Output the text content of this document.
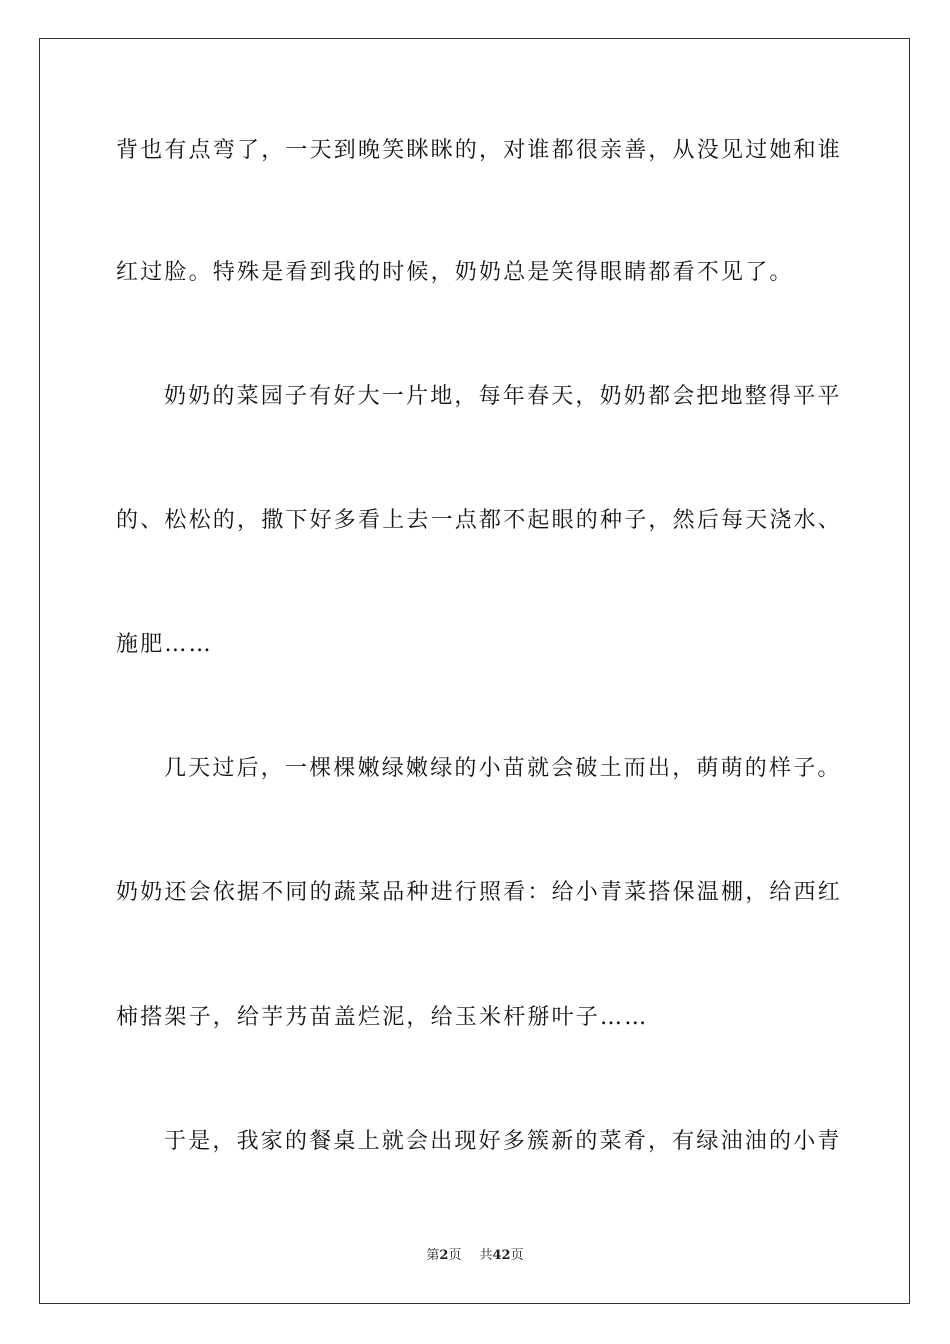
背也有点弯了，一天到晚笑眯眯的，对谁都很亲善，从没见过她和谁
红过脸。特殊是看到我的时候，奶奶总是笑得眼睛都看不见了。
奶奶的菜园子有好大一片地，每年春天，奶奶都会把地整得平平
的、松松的，撒下好多看上去一点都不起眼的种子，然后每天浇水、
施肥……
几天过后，一棵棵嫩绿嫩绿的小苗就会破土而出，萌萌的样子。
奶奶还会依据不同的蔬菜品种进行照看：给小青菜搭保温棚，给西红
柿搭架子，给芋艿苗盖烂泥，给玉米杆掰叶子……
于是，我家的餐桌上就会出现好多簇新的菜肴，有绿油油的小青
第2页 共42页
